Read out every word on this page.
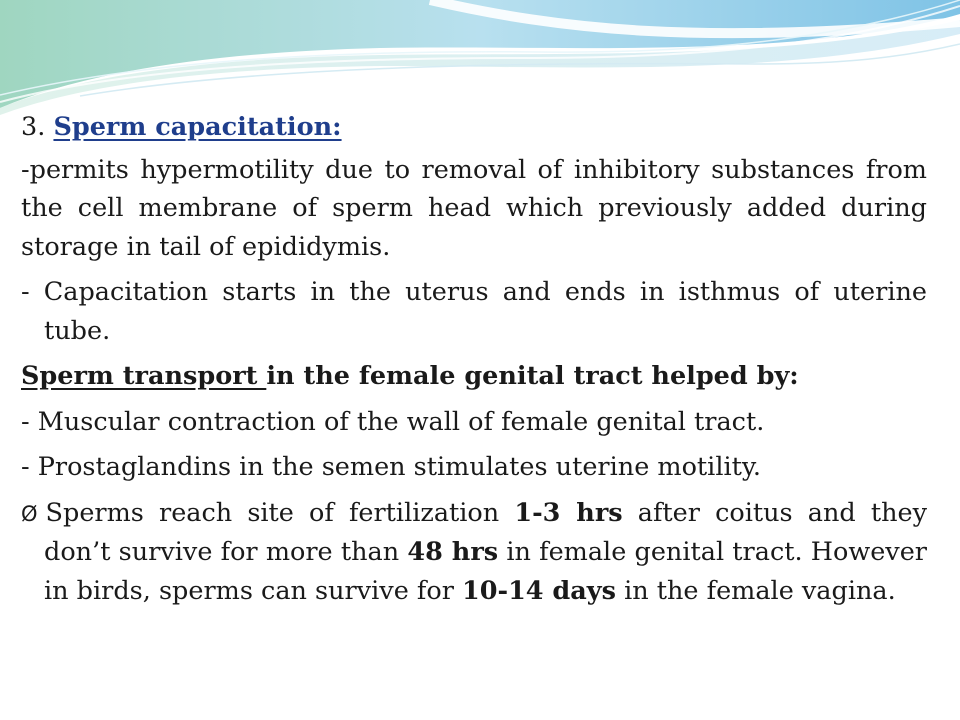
3. Sperm capacitation:

-permits hypermotility due to removal of inhibitory substances from the cell membrane of sperm head which previously added during storage in tail of epididymis.

- Capacitation starts in the uterus and ends in isthmus of uterine tube.

Sperm transport in the female genital tract helped by:

- Muscular contraction of the wall of female genital tract.

- Prostaglandins in the semen stimulates uterine motility.

Ø Sperms reach site of fertilization 1-3 hrs after coitus and they don’t survive for more than 48 hrs in female genital tract. However in birds, sperms can survive for 10-14 days in the female vagina.
